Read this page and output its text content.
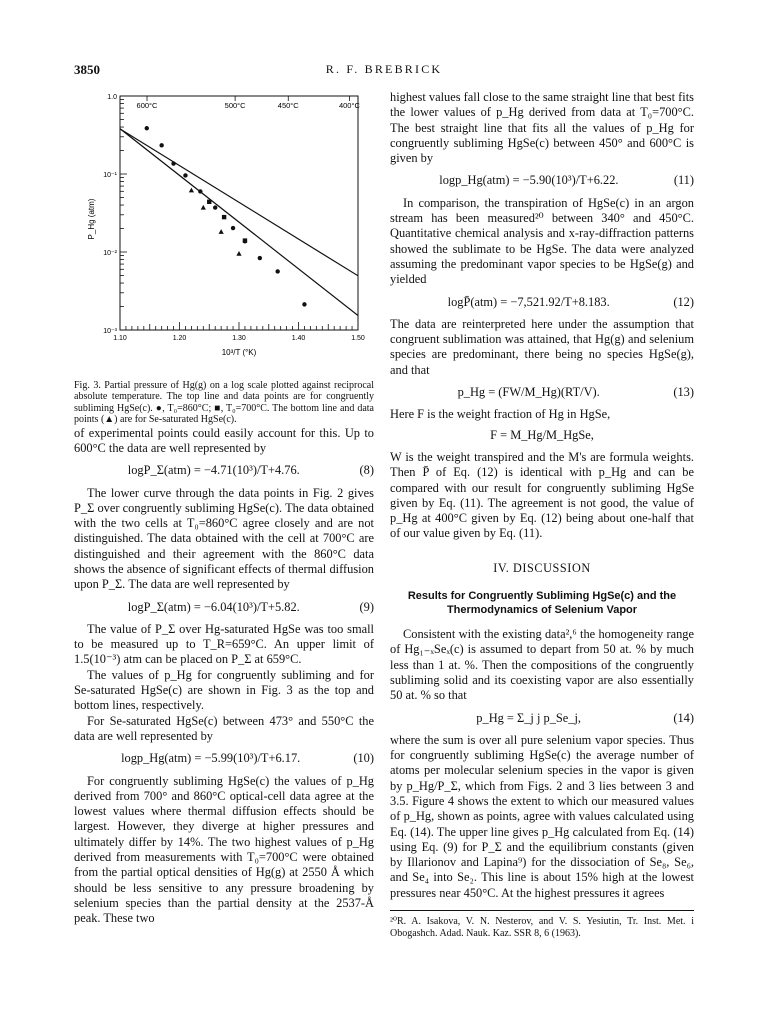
3850	R. F. BREBRICK
1.10	1.20	1.30	1.40	1.50
600°C	500°C	450°C	400°C
1.0
10⁻¹
10⁻²
10⁻³
10³/T (°K)
P_Hg (atm)

Fig. 3. Partial pressure of Hg(g) on a log scale plotted against reciprocal absolute temperature. The top line and data points are for congruently subliming HgSe(c). ●, T₀=860°C; ■, T₀=700°C. The bottom line and data points (▲) are for Se-saturated HgSe(c).

of experimental points could easily account for this. Up to 600°C the data are well represented by

logP_Σ(atm) = −4.71(10³)/T+4.76.	(8)

The lower curve through the data points in Fig. 2 gives P_Σ over congruently subliming HgSe(c). The data obtained with the two cells at T₀=860°C agree closely and are not distinguished. The data obtained with the cell at 700°C are distinguished and their agreement with the 860°C data shows the absence of significant effects of thermal diffusion upon P_Σ. The data are well represented by

logP_Σ(atm) = −6.04(10³)/T+5.82.	(9)

The value of P_Σ over Hg-saturated HgSe was too small to be measured up to T_R=659°C. An upper limit of 1.5(10⁻³) atm can be placed on P_Σ at 659°C.

The values of p_Hg for congruently subliming and for Se-saturated HgSe(c) are shown in Fig. 3 as the top and bottom lines, respectively.

For Se-saturated HgSe(c) between 473° and 550°C the data are well represented by

logp_Hg(atm) = −5.99(10³)/T+6.17.	(10)

For congruently subliming HgSe(c) the values of p_Hg derived from 700° and 860°C optical-cell data agree at the lowest values where thermal diffusion effects should be largest. However, they diverge at higher pressures and ultimately differ by 14%. The two highest values of p_Hg derived from measurements with T₀=700°C were obtained from the partial optical densities of Hg(g) at 2550 Å which should be less sensitive to any pressure broadening by selenium species than the partial density at the 2537-Å peak. These two

highest values fall close to the same straight line that best fits the lower values of p_Hg derived from data at T₀=700°C. The best straight line that fits all the values of p_Hg for congruently subliming HgSe(c) between 450° and 600°C is given by

logp_Hg(atm) = −5.90(10³)/T+6.22.	(11)

In comparison, the transpiration of HgSe(c) in an argon stream has been measured²⁰ between 340° and 450°C. Quantitative chemical analysis and x-ray-diffraction patterns showed the sublimate to be HgSe. The data were analyzed assuming the predominant vapor species to be HgSe(g) and yielded

logP̄(atm) = −7,521.92/T+8.183.	(12)

The data are reinterpreted here under the assumption that congruent sublimation was attained, that Hg(g) and selenium species are predominant, there being no species HgSe(g), and that

p_Hg = (FW/M_Hg)(RT/V).	(13)

Here F is the weight fraction of Hg in HgSe,

F = M_Hg/M_HgSe,

W is the weight transpired and the M's are formula weights. Then P̄ of Eq. (12) is identical with p_Hg and can be compared with our result for congruently subliming HgSe given by Eq. (11). The agreement is not good, the value of p_Hg at 400°C given by Eq. (12) being about one-half that of our value given by Eq. (11).

IV. DISCUSSION
Results for Congruently Subliming HgSe(c) and the Thermodynamics of Selenium Vapor

Consistent with the existing data²,⁶ the homogeneity range of Hg₁₋ₓSeₓ(c) is assumed to depart from 50 at. % by much less than 1 at. %. Then the compositions of the congruently subliming solid and its coexisting vapor are also essentially 50 at. % so that

p_Hg = Σ_j j p_Se_j,	(14)

where the sum is over all pure selenium vapor species. Thus for congruently subliming HgSe(c) the average number of atoms per molecular selenium species in the vapor is given by p_Hg/P_Σ, which from Figs. 2 and 3 lies between 3 and 3.5. Figure 4 shows the extent to which our measured values of p_Hg, shown as points, agree with values calculated using Eq. (14). The upper line gives p_Hg calculated from Eq. (14) using Eq. (9) for P_Σ and the equilibrium constants (given by Illarionov and Lapina⁹) for the dissociation of Se₈, Se₆, and Se₄ into Se₂. This line is about 15% high at the lowest pressures near 450°C. At the highest pressures it agrees

²⁰R. A. Isakova, V. N. Nesterov, and V. S. Yesiutin, Tr. Inst. Met. i Obogashch. Adad. Nauk. Kaz. SSR 8, 6 (1963).
